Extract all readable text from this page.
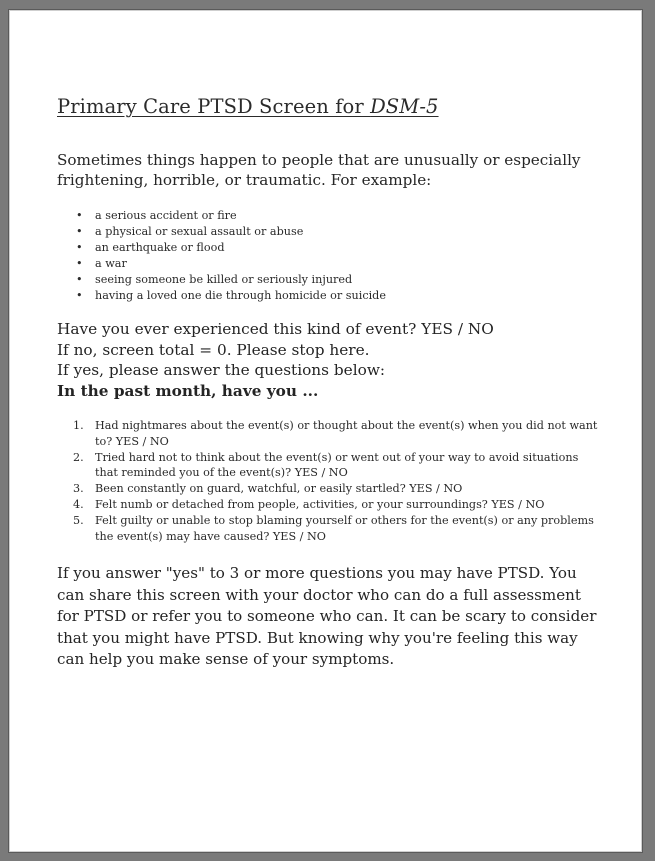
Primary Care PTSD Screen for DSM-5
Sometimes things happen to people that are unusually or especially frightening, horrible, or traumatic. For example:
• a serious accident or fire
• a physical or sexual assault or abuse
• an earthquake or flood
• a war
• seeing someone be killed or seriously injured
• having a loved one die through homicide or suicide
Have you ever experienced this kind of event? YES / NO
If no, screen total = 0. Please stop here.
If yes, please answer the questions below:
In the past month, have you ...
1. Had nightmares about the event(s) or thought about the event(s) when you did not want to? YES / NO
2. Tried hard not to think about the event(s) or went out of your way to avoid situations that reminded you of the event(s)? YES / NO
3. Been constantly on guard, watchful, or easily startled? YES / NO
4. Felt numb or detached from people, activities, or your surroundings? YES / NO
5. Felt guilty or unable to stop blaming yourself or others for the event(s) or any problems the event(s) may have caused? YES / NO
If you answer "yes" to 3 or more questions you may have PTSD. You can share this screen with your doctor who can do a full assessment for PTSD or refer you to someone who can. It can be scary to consider that you might have PTSD. But knowing why you're feeling this way can help you make sense of your symptoms.
